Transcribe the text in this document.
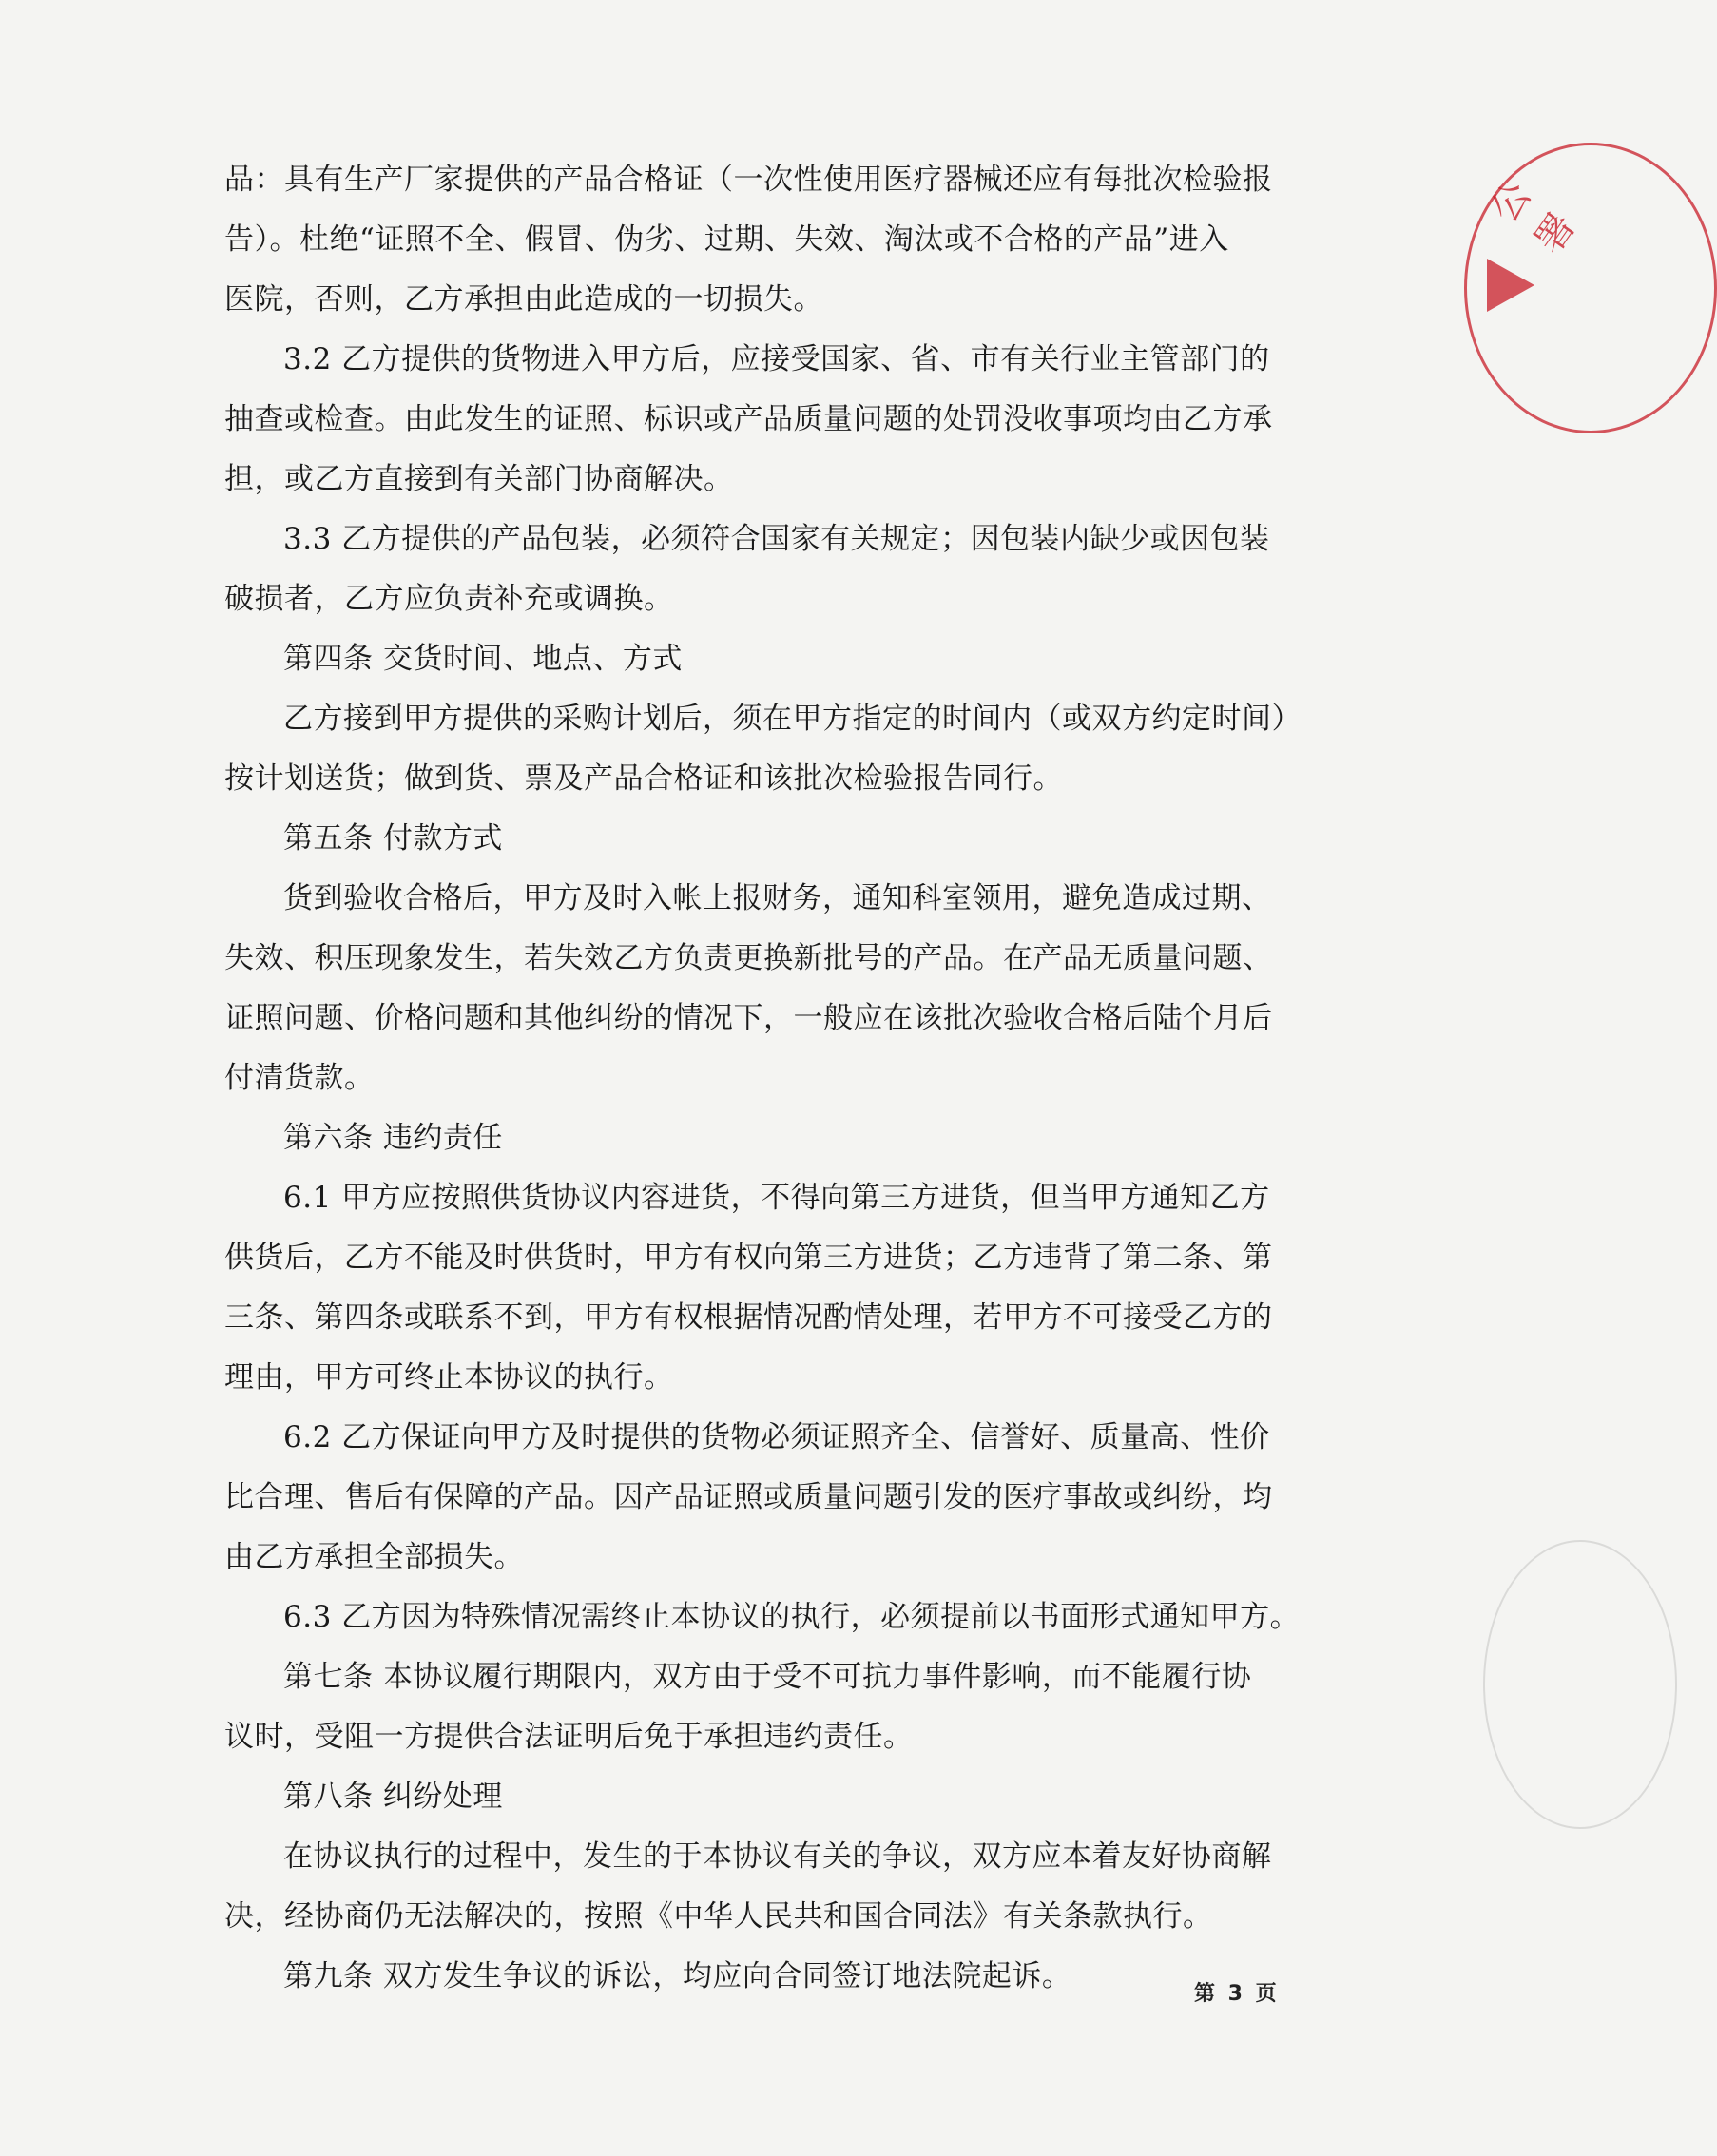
品：具有生产厂家提供的产品合格证（一次性使用医疗器械还应有每批次检验报
告）。杜绝“证照不全、假冒、伪劣、过期、失效、淘汰或不合格的产品”进入
医院，否则，乙方承担由此造成的一切损失。
3.2 乙方提供的货物进入甲方后，应接受国家、省、市有关行业主管部门的
抽查或检查。由此发生的证照、标识或产品质量问题的处罚没收事项均由乙方承
担，或乙方直接到有关部门协商解决。
3.3 乙方提供的产品包装，必须符合国家有关规定；因包装内缺少或因包装
破损者，乙方应负责补充或调换。
第四条 交货时间、地点、方式
乙方接到甲方提供的采购计划后，须在甲方指定的时间内（或双方约定时间）
按计划送货；做到货、票及产品合格证和该批次检验报告同行。
第五条 付款方式
货到验收合格后，甲方及时入帐上报财务，通知科室领用，避免造成过期、
失效、积压现象发生，若失效乙方负责更换新批号的产品。在产品无质量问题、
证照问题、价格问题和其他纠纷的情况下，一般应在该批次验收合格后陆个月后
付清货款。
第六条 违约责任
6.1 甲方应按照供货协议内容进货，不得向第三方进货，但当甲方通知乙方
供货后，乙方不能及时供货时，甲方有权向第三方进货；乙方违背了第二条、第
三条、第四条或联系不到，甲方有权根据情况酌情处理，若甲方不可接受乙方的
理由，甲方可终止本协议的执行。
6.2 乙方保证向甲方及时提供的货物必须证照齐全、信誉好、质量高、性价
比合理、售后有保障的产品。因产品证照或质量问题引发的医疗事故或纠纷，均
由乙方承担全部损失。
6.3 乙方因为特殊情况需终止本协议的执行，必须提前以书面形式通知甲方。
第七条 本协议履行期限内，双方由于受不可抗力事件影响，而不能履行协
议时，受阻一方提供合法证明后免于承担违约责任。
第八条 纠纷处理
在协议执行的过程中，发生的于本协议有关的争议，双方应本着友好协商解
决，经协商仍无法解决的，按照《中华人民共和国合同法》有关条款执行。
第九条 双方发生争议的诉讼，均应向合同签订地法院起诉。
第 3 页
公署
